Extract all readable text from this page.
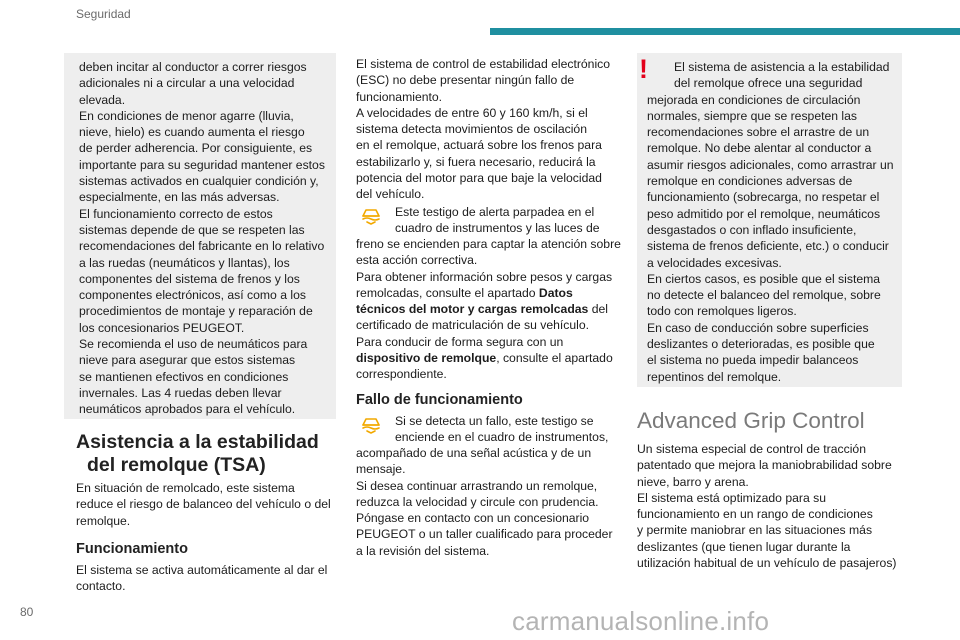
Seguridad

deben incitar al conductor a correr riesgos

adicionales ni a circular a una velocidad

elevada.

En condiciones de menor agarre (lluvia,

nieve, hielo) es cuando aumenta el riesgo

de perder adherencia. Por consiguiente, es

importante para su seguridad mantener estos

sistemas activados en cualquier condición y,

especialmente, en las más adversas.

El funcionamiento correcto de estos

sistemas depende de que se respeten las

recomendaciones del fabricante en lo relativo

a las ruedas (neumáticos y llantas), los

componentes del sistema de frenos y los

componentes electrónicos, así como a los

procedimientos de montaje y reparación de

los concesionarios PEUGEOT.

Se recomienda el uso de neumáticos para

nieve para asegurar que estos sistemas

se mantienen efectivos en condiciones

invernales. Las 4 ruedas deben llevar

neumáticos aprobados para el vehículo.

Asistencia a la estabilidad
del remolque (TSA)

En situación de remolcado, este sistema

reduce el riesgo de balanceo del vehículo o del

remolque.

Funcionamiento

El sistema se activa automáticamente al dar el

contacto.

El sistema de control de estabilidad electrónico

(ESC) no debe presentar ningún fallo de

funcionamiento.

A velocidades de entre 60 y 160 km/h, si el

sistema detecta movimientos de oscilación

en el remolque, actuará sobre los frenos para

estabilizarlo y, si fuera necesario, reducirá la

potencia del motor para que baje la velocidad

del vehículo.

Este testigo de alerta parpadea en el

cuadro de instrumentos y las luces de

freno se encienden para captar la atención sobre

esta acción correctiva.

Para obtener información sobre pesos y cargas

remolcadas, consulte el apartado Datos

técnicos del motor y cargas remolcadas del

certificado de matriculación de su vehículo.

Para conducir de forma segura con un

dispositivo de remolque, consulte el apartado

correspondiente.

Fallo de funcionamiento

Si se detecta un fallo, este testigo se

enciende en el cuadro de instrumentos,

acompañado de una señal acústica y de un

mensaje.

Si desea continuar arrastrando un remolque,

reduzca la velocidad y circule con prudencia.

Póngase en contacto con un concesionario

PEUGEOT o un taller cualificado para proceder

a la revisión del sistema.

!	El sistema de asistencia a la estabilidad

del remolque ofrece una seguridad

mejorada en condiciones de circulación

normales, siempre que se respeten las

recomendaciones sobre el arrastre de un

remolque. No debe alentar al conductor a

asumir riesgos adicionales, como arrastrar un

remolque en condiciones adversas de

funcionamiento (sobrecarga, no respetar el

peso admitido por el remolque, neumáticos

desgastados o con inflado insuficiente,

sistema de frenos deficiente, etc.) o conducir

a velocidades excesivas.

En ciertos casos, es posible que el sistema

no detecte el balanceo del remolque, sobre

todo con remolques ligeros.

En caso de conducción sobre superficies

deslizantes o deterioradas, es posible que

el sistema no pueda impedir balanceos

repentinos del remolque.

Advanced Grip Control

Un sistema especial de control de tracción

patentado que mejora la maniobrabilidad sobre

nieve, barro y arena.

El sistema está optimizado para su

funcionamiento en un rango de condiciones

y permite maniobrar en las situaciones más

deslizantes (que tienen lugar durante la

utilización habitual de un vehículo de pasajeros)

80	carmanualsonline.info
